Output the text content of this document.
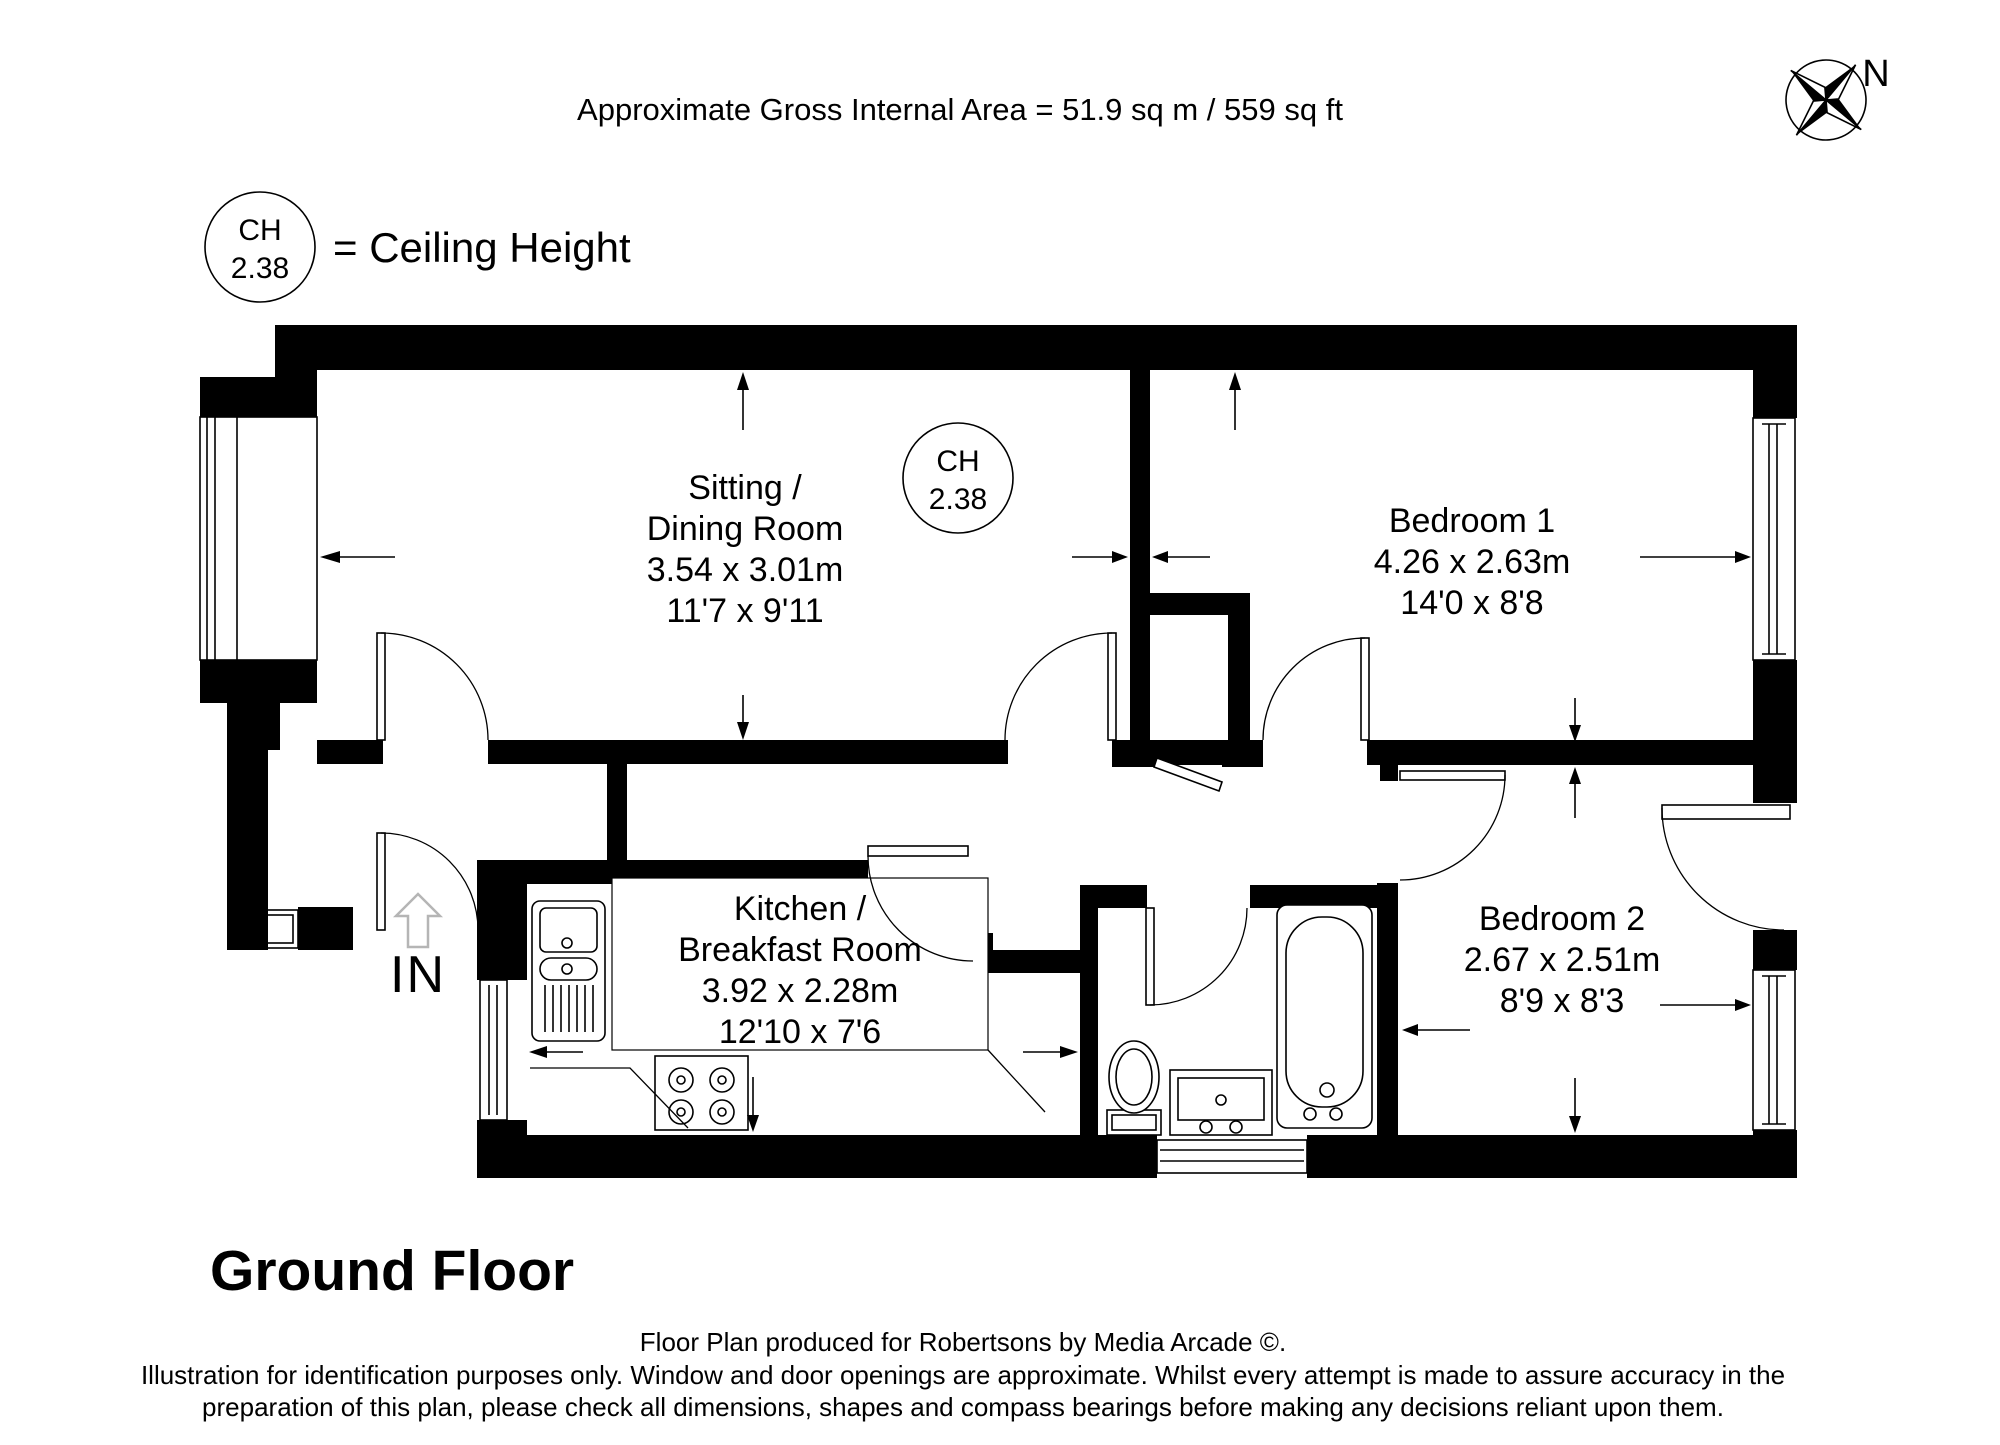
Approximate Gross Internal Area = 51.9 sq m / 559 sq ft
N
CH
2.38 = Ceiling Height
IN
CH
2.38
Sitting /
Dining Room
3.54 x 3.01m
11'7 x 9'11
Bedroom 1
4.26 x 2.63m
14'0 x 8'8
Kitchen /
Breakfast Room
3.92 x 2.28m
12'10 x 7'6
Bedroom 2
2.67 x 2.51m
8'9 x 8'3
Ground Floor
Floor Plan produced for Robertsons by Media Arcade ©.
Illustration for identification purposes only. Window and door openings are approximate. Whilst every attempt is made to assure accuracy in the
preparation of this plan, please check all dimensions, shapes and compass bearings before making any decisions reliant upon them.
